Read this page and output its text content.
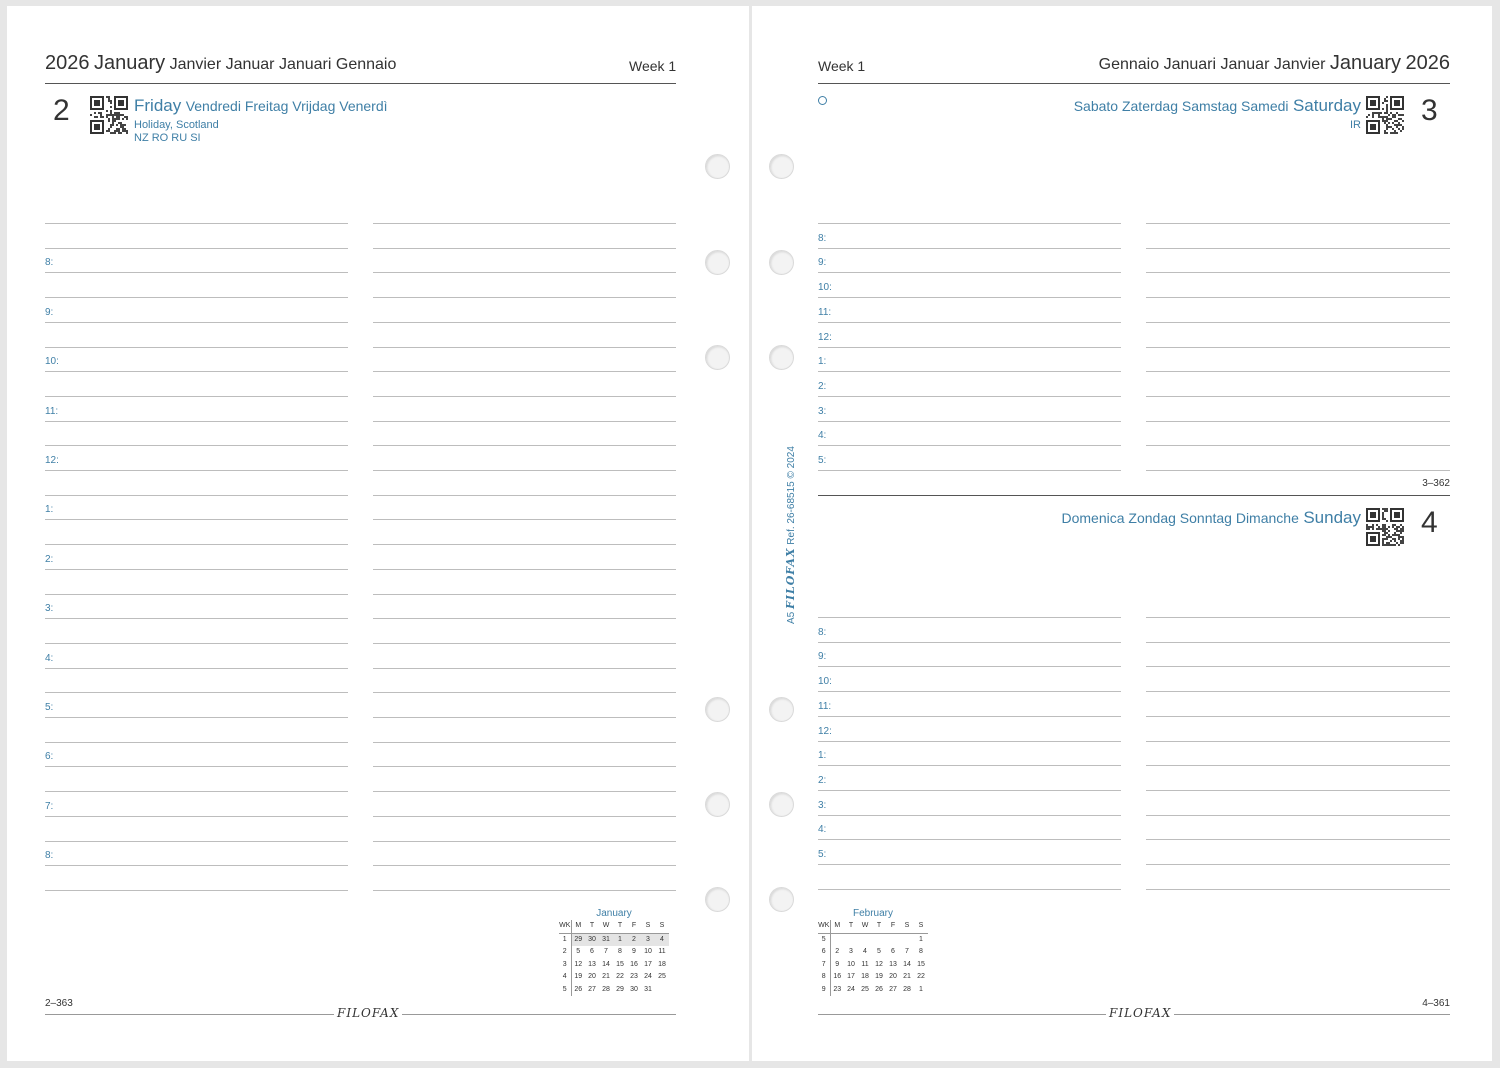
2026 January Janvier Januar Januari Gennaio	Week 1
2	Friday Vendredi Freitag Vrijdag Venerdì
Holiday, Scotland
NZ RO RU SI
8:
9:
10:
11:
12:
1:
2:
3:
4:
5:
6:
7:
8:
January
WK	M	T	W	T	F	S	S
1	29	30	31	1	2	3	4
2	5	6	7	8	9	10	11
3	12	13	14	15	16	17	18
4	19	20	21	22	23	24	25
5	26	27	28	29	30	31	
2–363
FILOFAX
A5 FILOFAX Ref. 26-68515 © 2024
Week 1	Gennaio Januari Januar Janvier January 2026
Sabato Zaterdag Samstag Samedi Saturday
IR 3
8:
9:
10:
11:
12:
1:
2:
3:
4:
5:
3–362
Domenica Zondag Sonntag Dimanche Sunday 4
8:
9:
10:
11:
12:
1:
2:
3:
4:
5:
February
WK	M	T	W	T	F	S	S
5							1
6	2	3	4	5	6	7	8
7	9	10	11	12	13	14	15
8	16	17	18	19	20	21	22
9	23	24	25	26	27	28	1
4–361
FILOFAX
